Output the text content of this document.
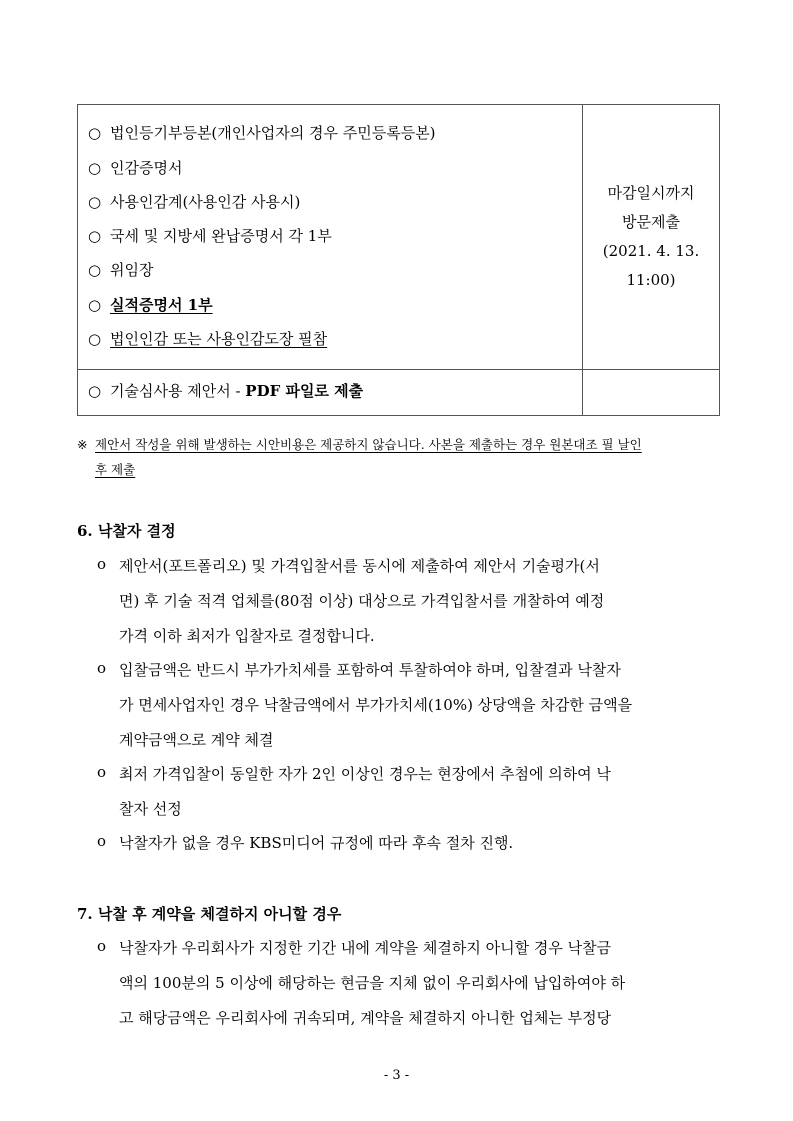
○ 법인등기부등본(개인사업자의 경우 주민등록등본)
○ 인감증명서
○ 사용인감계(사용인감 사용시)
○ 국세 및 지방세 완납증명서 각 1부
○ 위임장
○ 실적증명서 1부
○ 법인인감 또는 사용인감도장 필참
마감일시까지
방문제출
(2021. 4. 13.
11:00)
○ 기술심사용 제안서 - PDF 파일로 제출
※ 제안서 작성을 위해 발생하는 시안비용은 제공하지 않습니다. 사본을 제출하는 경우 원본대조 필 날인
후 제출
6. 낙찰자 결정
o 제안서(포트폴리오) 및 가격입찰서를 동시에 제출하여 제안서 기술평가(서
면) 후 기술 적격 업체를(80점 이상) 대상으로 가격입찰서를 개찰하여 예정
가격 이하 최저가 입찰자로 결정합니다.
o 입찰금액은 반드시 부가가치세를 포함하여 투찰하여야 하며, 입찰결과 낙찰자
가 면세사업자인 경우 낙찰금액에서 부가가치세(10%) 상당액을 차감한 금액을
계약금액으로 계약 체결
o 최저 가격입찰이 동일한 자가 2인 이상인 경우는 현장에서 추첨에 의하여 낙
찰자 선정
o 낙찰자가 없을 경우 KBS미디어 규정에 따라 후속 절차 진행.
7. 낙찰 후 계약을 체결하지 아니할 경우
o 낙찰자가 우리회사가 지정한 기간 내에 계약을 체결하지 아니할 경우 낙찰금
액의 100분의 5 이상에 해당하는 현금을 지체 없이 우리회사에 납입하여야 하
고 해당금액은 우리회사에 귀속되며, 계약을 체결하지 아니한 업체는 부정당
- 3 -
